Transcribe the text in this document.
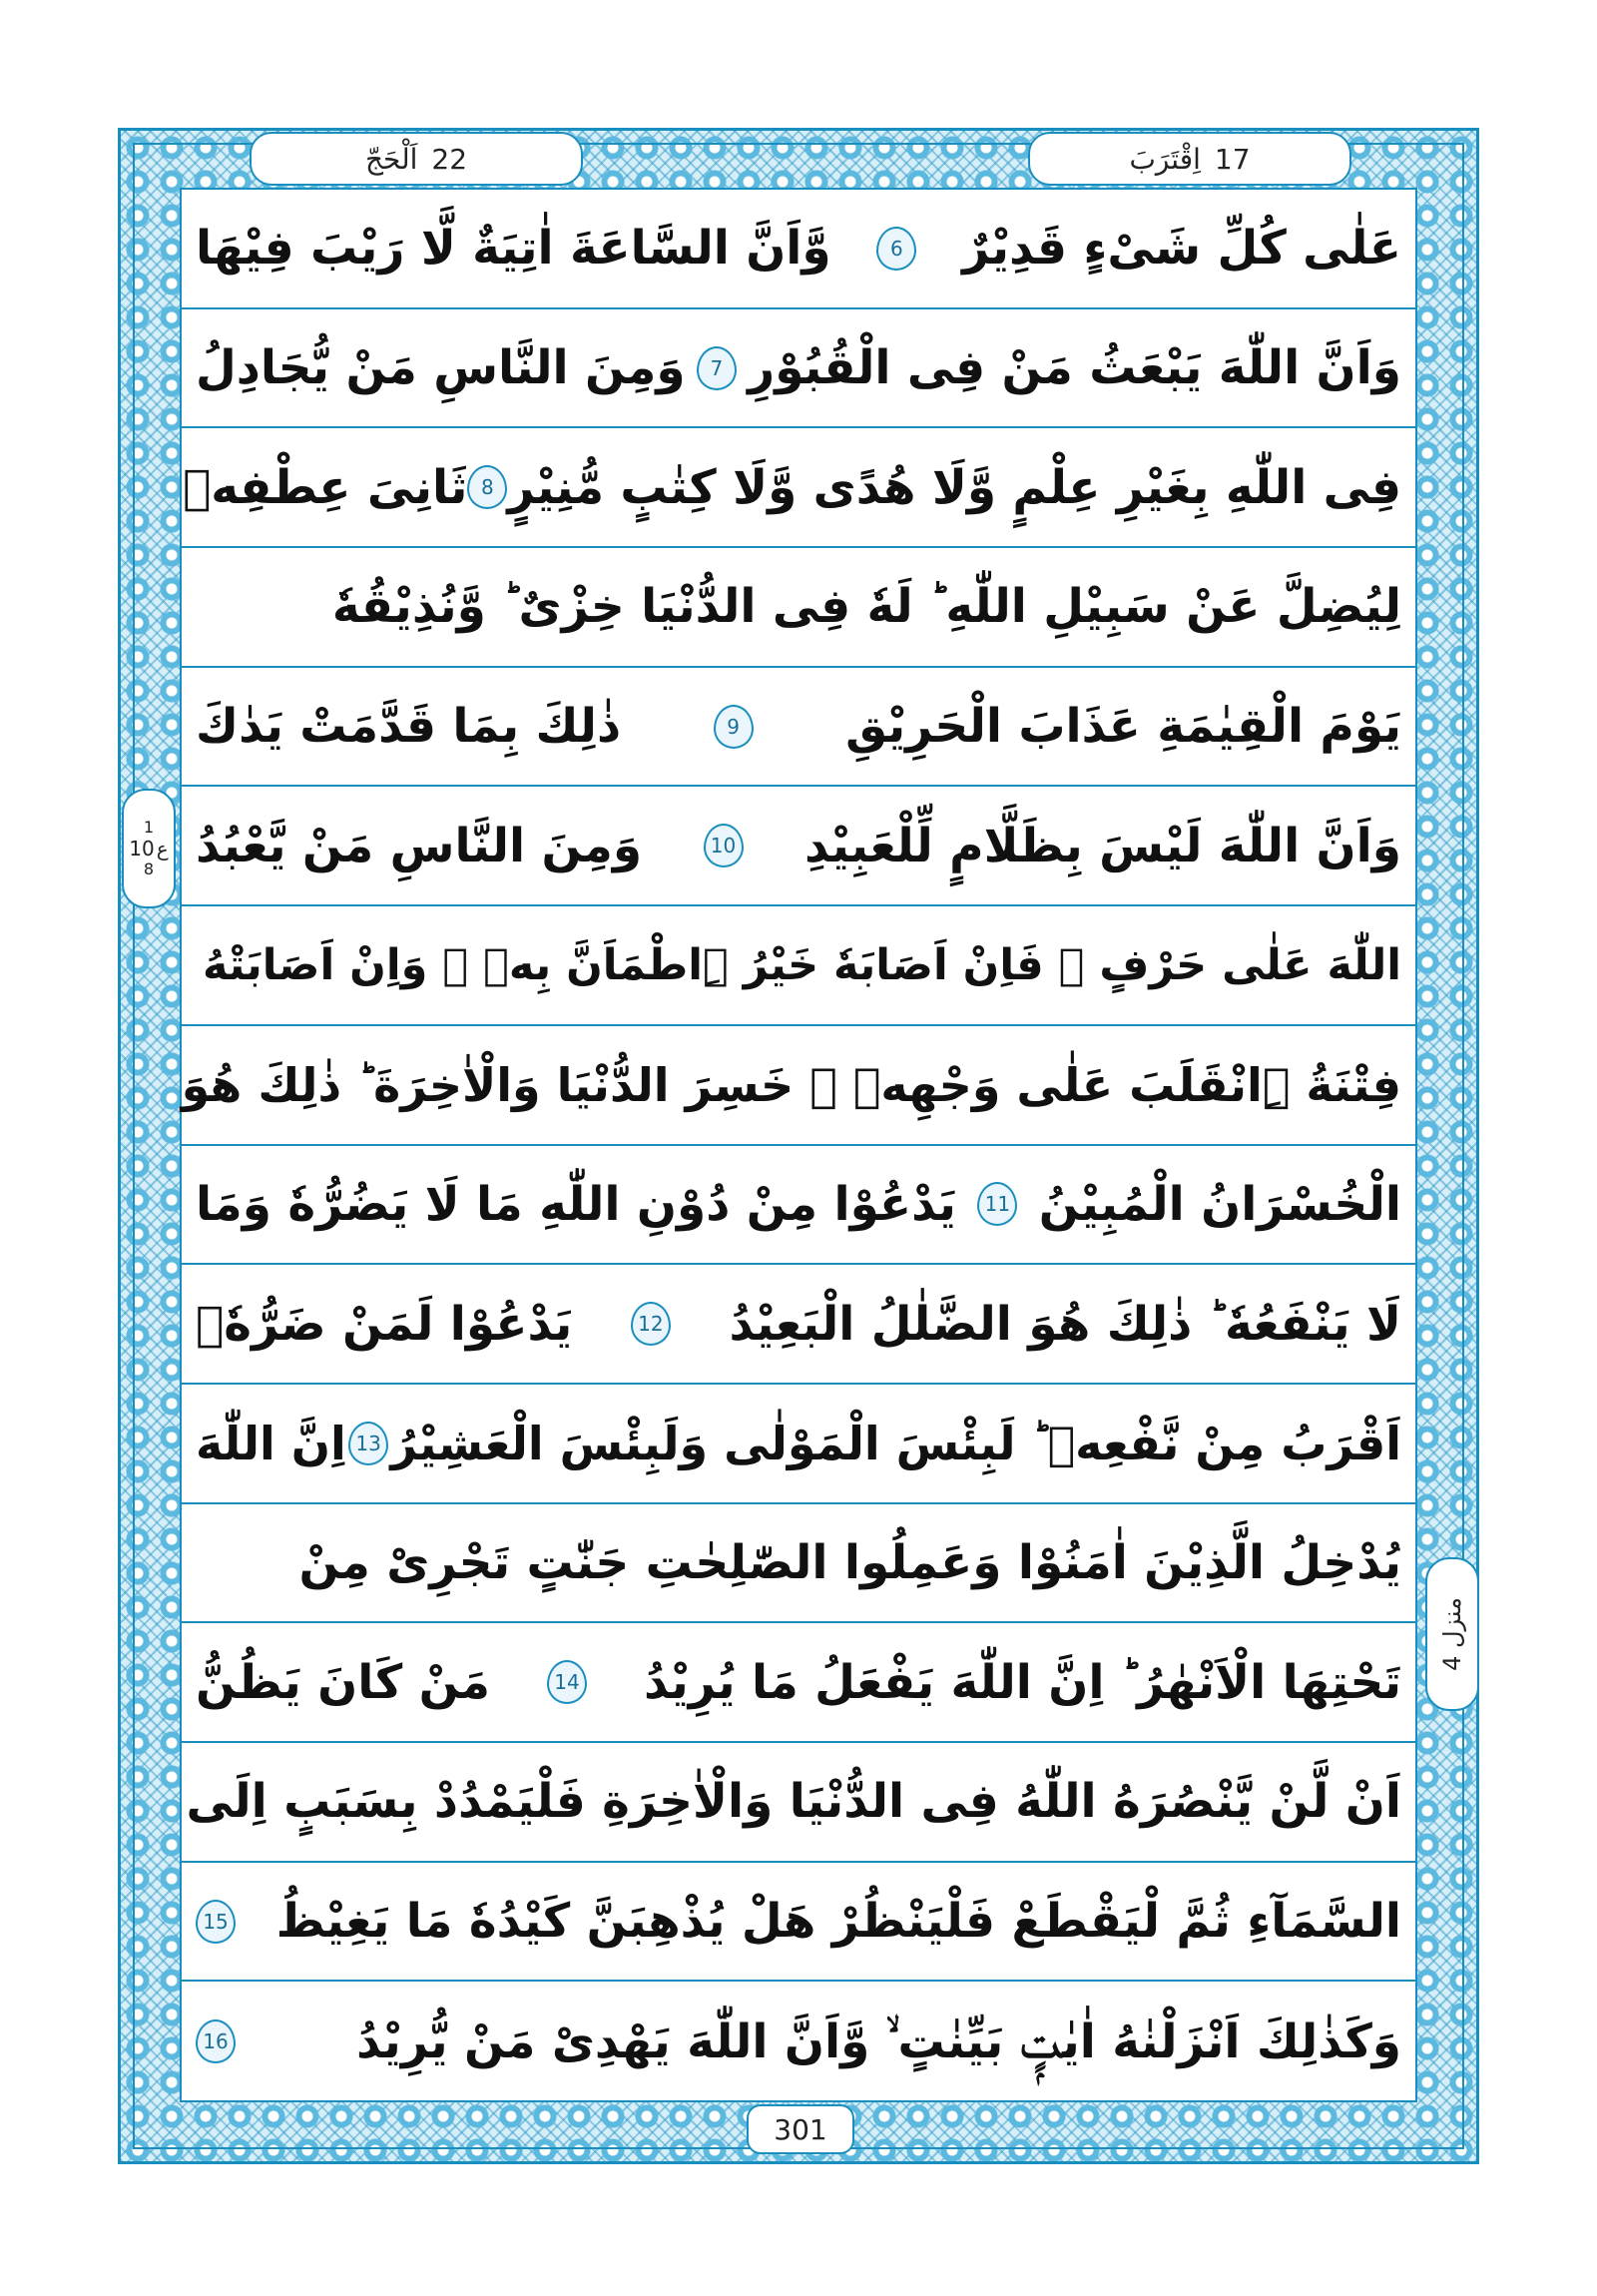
اَلْحَجّ 22	اِقْتَرَبَ 17
عَلٰى كُلِّ شَیْءٍ قَدِیْرٌ
6
وَّاَنَّ السَّاعَةَ اٰتِیَةٌ لَّا رَیْبَ فِیْهَا
وَاَنَّ اللّٰهَ یَبْعَثُ مَنْ فِی الْقُبُوْرِ
7
وَمِنَ النَّاسِ مَنْ یُّجَادِلُ
فِی اللّٰهِ بِغَیْرِ عِلْمٍ وَّلَا هُدًى وَّلَا كِتٰبٍ مُّنِیْرٍ
8
ثَانِیَ عِطْفِهٖ
لِیُضِلَّ عَنْ سَبِیْلِ اللّٰهِ ؕ لَهٗ فِی الدُّنْیَا خِزْیٌ ؕ وَّنُذِیْقُهٗ
یَوْمَ الْقِیٰمَةِ عَذَابَ الْحَرِیْقِ
9
ذٰلِكَ بِمَا قَدَّمَتْ یَدٰكَ
وَاَنَّ اللّٰهَ لَیْسَ بِظَلَّامٍ لِّلْعَبِیْدِ
10
وَمِنَ النَّاسِ مَنْ یَّعْبُدُ
اللّٰهَ عَلٰى حَرْفٍ ۚ فَاِنْ اَصَابَهٗ خَیْرُ ِۨاطْمَاَنَّ بِهٖ ۚ وَاِنْ اَصَابَتْهُ
فِتْنَةُ ِۨانْقَلَبَ عَلٰى وَجْهِهٖ ۚ خَسِرَ الدُّنْیَا وَالْاٰخِرَةَ ؕ ذٰلِكَ هُوَ
الْخُسْرَانُ الْمُبِیْنُ
11
یَدْعُوْا مِنْ دُوْنِ اللّٰهِ مَا لَا یَضُرُّهٗ وَمَا
لَا یَنْفَعُهٗ ؕ ذٰلِكَ هُوَ الضَّلٰلُ الْبَعِیْدُ
12
یَدْعُوْا لَمَنْ ضَرُّهٗۤ
اَقْرَبُ مِنْ نَّفْعِهٖ ؕ لَبِئْسَ الْمَوْلٰى وَلَبِئْسَ الْعَشِیْرُ
13
اِنَّ اللّٰهَ
یُدْخِلُ الَّذِیْنَ اٰمَنُوْا وَعَمِلُوا الصّٰلِحٰتِ جَنّٰتٍ تَجْرِیْ مِنْ
تَحْتِهَا الْاَنْهٰرُ ؕ اِنَّ اللّٰهَ یَفْعَلُ مَا یُرِیْدُ
14
مَنْ كَانَ یَظُنُّ
اَنْ لَّنْ یَّنْصُرَهُ اللّٰهُ فِی الدُّنْیَا وَالْاٰخِرَةِ فَلْیَمْدُدْ بِسَبَبٍ اِلَى
السَّمَآءِ ثُمَّ لْیَقْطَعْ فَلْیَنْظُرْ هَلْ یُذْهِبَنَّ كَیْدُهٗ مَا یَغِیْظُ
15
وَكَذٰلِكَ اَنْزَلْنٰهُ اٰیٰتٍۭ بَیِّنٰتٍ ۙ وَّاَنَّ اللّٰهَ یَهْدِیْ مَنْ یُّرِیْدُ
16
1
10 ع
8
منزل 4
301
